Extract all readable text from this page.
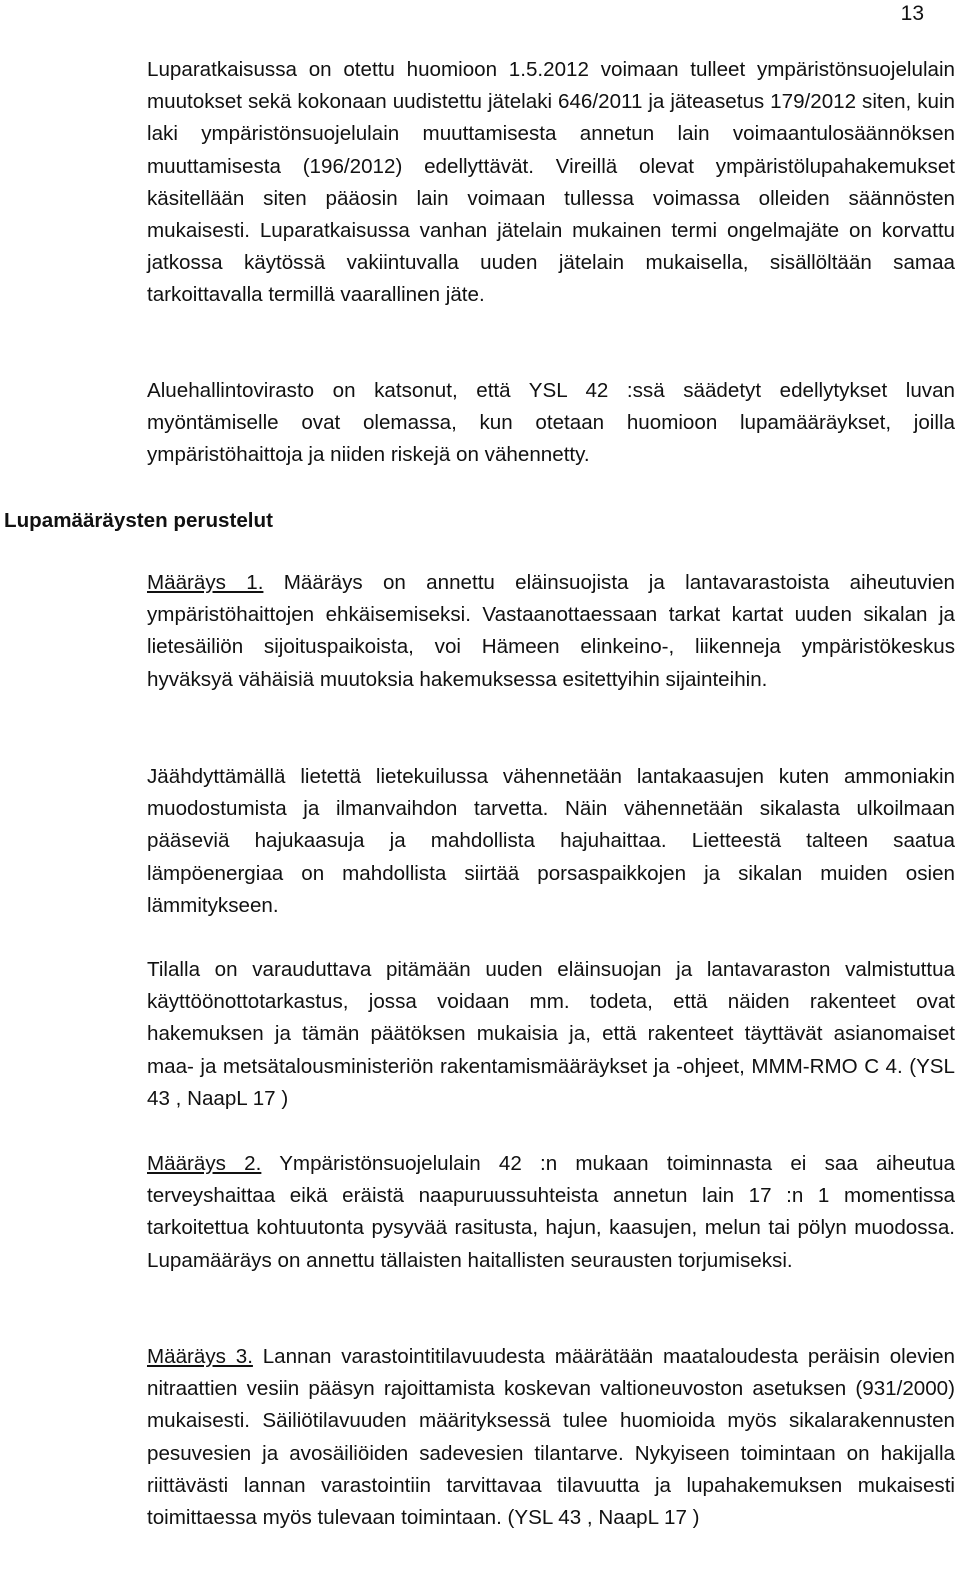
13
Lupamääräysten perustelut

Luparatkaisussa on otettu huomioon 1.5.2012 voimaan tulleet ympäristönsuojelulain muutokset sekä kokonaan uudistettu jätelaki 646/2011 ja jäteasetus 179/2012 siten, kuin laki ympäristönsuojelulain muuttamisesta annetun lain voimaantulosäännöksen muuttamisesta (196/2012) edellyttävät. Vireillä olevat ympäristölupahakemukset käsitellään siten pääosin lain voimaan tullessa voimassa olleiden säännösten mukaisesti. Luparatkaisussa vanhan jätelain mukainen termi ongelmajäte on korvattu jatkossa käytössä vakiintuvalla uuden jätelain mukaisella, sisällöltään samaa tarkoittavalla termillä vaarallinen jäte.

Aluehallintovirasto on katsonut, että YSL 42 :ssä säädetyt edellytykset luvan myöntämiselle ovat olemassa, kun otetaan huomioon lupamääräykset, joilla ympäristöhaittoja ja niiden riskejä on vähennetty.

Määräys 1. Määräys on annettu eläinsuojista ja lantavarastoista aiheutuvien ympäristöhaittojen ehkäisemiseksi. Vastaanottaessaan tarkat kartat uuden sikalan ja lietesäiliön sijoituspaikoista, voi Hämeen elinkeino-, liikenneja ympäristökeskus hyväksyä vähäisiä muutoksia hakemuksessa esitettyihin sijainteihin.

Jäähdyttämällä lietettä lietekuilussa vähennetään lantakaasujen kuten ammoniakin muodostumista ja ilmanvaihdon tarvetta. Näin vähennetään sikalasta ulkoilmaan pääseviä hajukaasuja ja mahdollista hajuhaittaa. Lietteestä talteen saatua lämpöenergiaa on mahdollista siirtää porsaspaikkojen ja sikalan muiden osien lämmitykseen.

Tilalla on varauduttava pitämään uuden eläinsuojan ja lantavaraston valmistuttua käyttöönottotarkastus, jossa voidaan mm. todeta, että näiden rakenteet ovat hakemuksen ja tämän päätöksen mukaisia ja, että rakenteet täyttävät asianomaiset maa- ja metsätalousministeriön rakentamismääräykset ja -ohjeet, MMM-RMO C 4. (YSL 43 , NaapL 17 )

Määräys 2. Ympäristönsuojelulain 42 :n mukaan toiminnasta ei saa aiheutua terveyshaittaa eikä eräistä naapuruussuhteista annetun lain 17 :n 1 momentissa tarkoitettua kohtuutonta pysyvää rasitusta, hajun, kaasujen, melun tai pölyn muodossa. Lupamääräys on annettu tällaisten haitallisten seurausten torjumiseksi.

Määräys 3. Lannan varastointitilavuudesta määrätään maataloudesta peräisin olevien nitraattien vesiin pääsyn rajoittamista koskevan valtioneuvoston asetuksen (931/2000) mukaisesti. Säiliötilavuuden määrityksessä tulee huomioida myös sikalarakennusten pesuvesien ja avosäiliöiden sadevesien tilantarve. Nykyiseen toimintaan on hakijalla riittävästi lannan varastointiin tarvittavaa tilavuutta ja lupahakemuksen mukaisesti toimittaessa myös tulevaan toimintaan. (YSL 43 , NaapL 17 )
